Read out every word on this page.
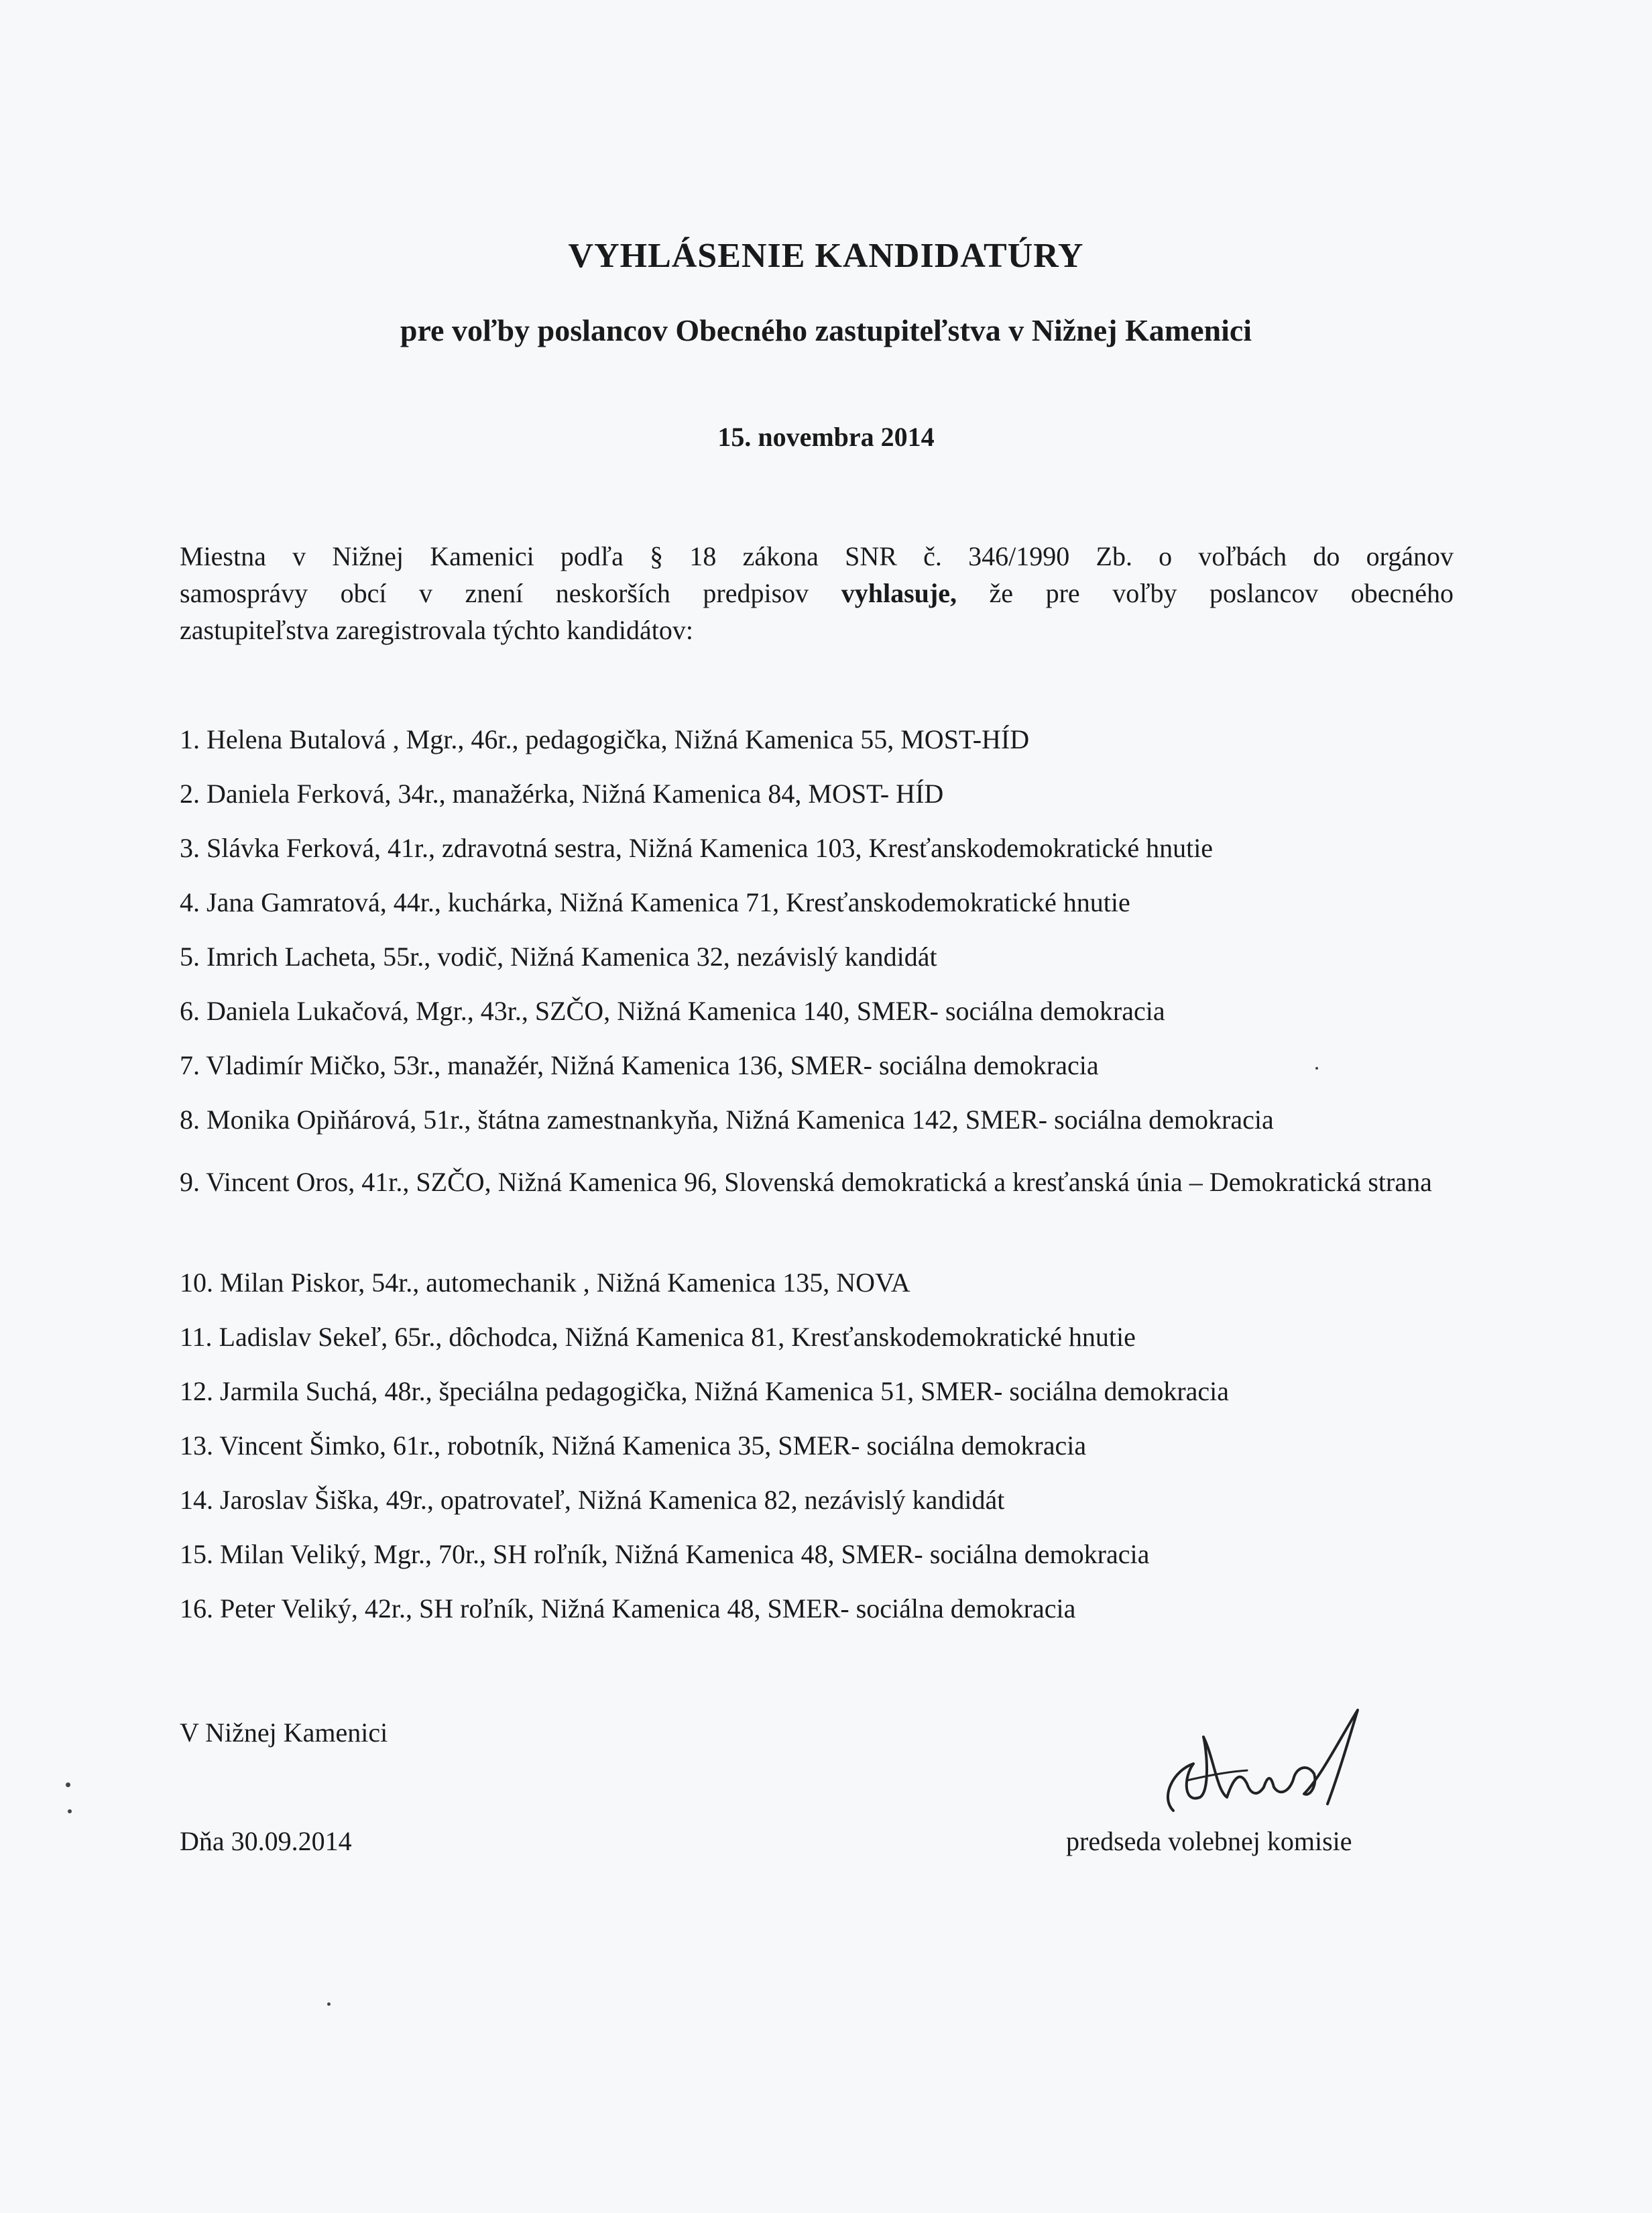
VYHLÁSENIE KANDIDATÚRY
pre voľby poslancov Obecného zastupiteľstva v Nižnej Kamenici
15. novembra 2014
Miestna v Nižnej Kamenici podľa § 18 zákona SNR č. 346/1990 Zb. o voľbách do orgánov
samosprávy obcí v znení neskorších predpisov vyhlasuje, že pre voľby poslancov obecného
zastupiteľstva zaregistrovala týchto kandidátov:
1. Helena Butalová , Mgr., 46r., pedagogička, Nižná Kamenica 55, MOST-HÍD
2. Daniela Ferková, 34r., manažérka, Nižná Kamenica 84, MOST- HÍD
3. Slávka Ferková, 41r., zdravotná sestra, Nižná Kamenica 103, Kresťanskodemokratické hnutie
4. Jana Gamratová, 44r., kuchárka, Nižná Kamenica 71, Kresťanskodemokratické hnutie
5. Imrich Lacheta, 55r., vodič, Nižná Kamenica 32, nezávislý kandidát
6. Daniela Lukačová, Mgr., 43r., SZČO, Nižná Kamenica 140, SMER- sociálna demokracia
7. Vladimír Mičko, 53r., manažér, Nižná Kamenica 136, SMER- sociálna demokracia
8. Monika Opiňárová, 51r., štátna zamestnankyňa, Nižná Kamenica 142, SMER- sociálna demokracia
9. Vincent Oros, 41r., SZČO, Nižná Kamenica 96, Slovenská demokratická a kresťanská únia – Demokratická strana
10. Milan Piskor, 54r., automechanik , Nižná Kamenica 135, NOVA
11. Ladislav Sekeľ, 65r., dôchodca, Nižná Kamenica 81, Kresťanskodemokratické hnutie
12. Jarmila Suchá, 48r., špeciálna pedagogička, Nižná Kamenica 51, SMER- sociálna demokracia
13. Vincent Šimko, 61r., robotník, Nižná Kamenica 35, SMER- sociálna demokracia
14. Jaroslav Šiška, 49r., opatrovateľ, Nižná Kamenica 82, nezávislý kandidát
15. Milan Veliký, Mgr., 70r., SH roľník, Nižná Kamenica 48, SMER- sociálna demokracia
16. Peter Veliký, 42r., SH roľník, Nižná Kamenica 48, SMER- sociálna demokracia
V Nižnej Kamenici
Dňa 30.09.2014	predseda volebnej komisie
